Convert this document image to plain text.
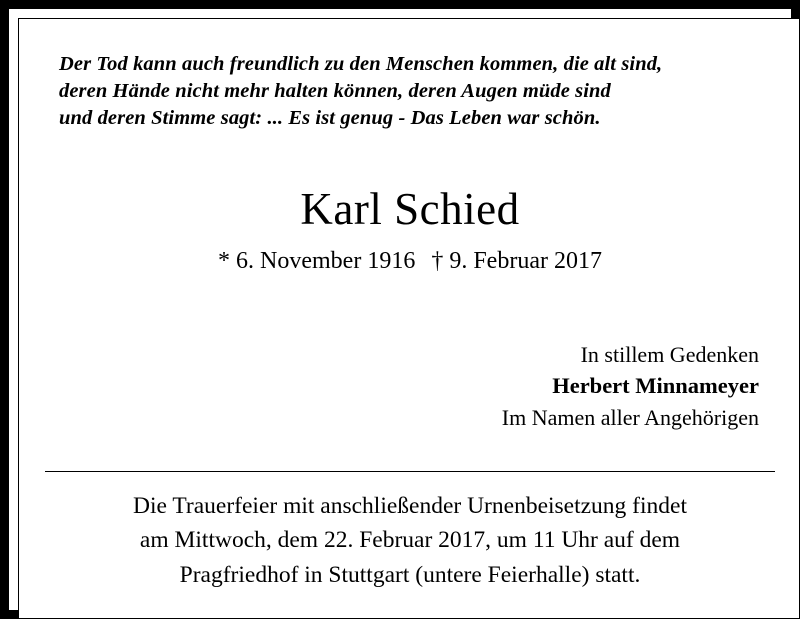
Der Tod kann auch freundlich zu den Menschen kommen, die alt sind,
deren Hände nicht mehr halten können, deren Augen müde sind
und deren Stimme sagt: ... Es ist genug - Das Leben war schön.
Karl Schied
* 6. November 1916 † 9. Februar 2017
In stillem Gedenken
Herbert Minnameyer
Im Namen aller Angehörigen
Die Trauerfeier mit anschließender Urnenbeisetzung findet
am Mittwoch, dem 22. Februar 2017, um 11 Uhr auf dem
Pragfriedhof in Stuttgart (untere Feierhalle) statt.
